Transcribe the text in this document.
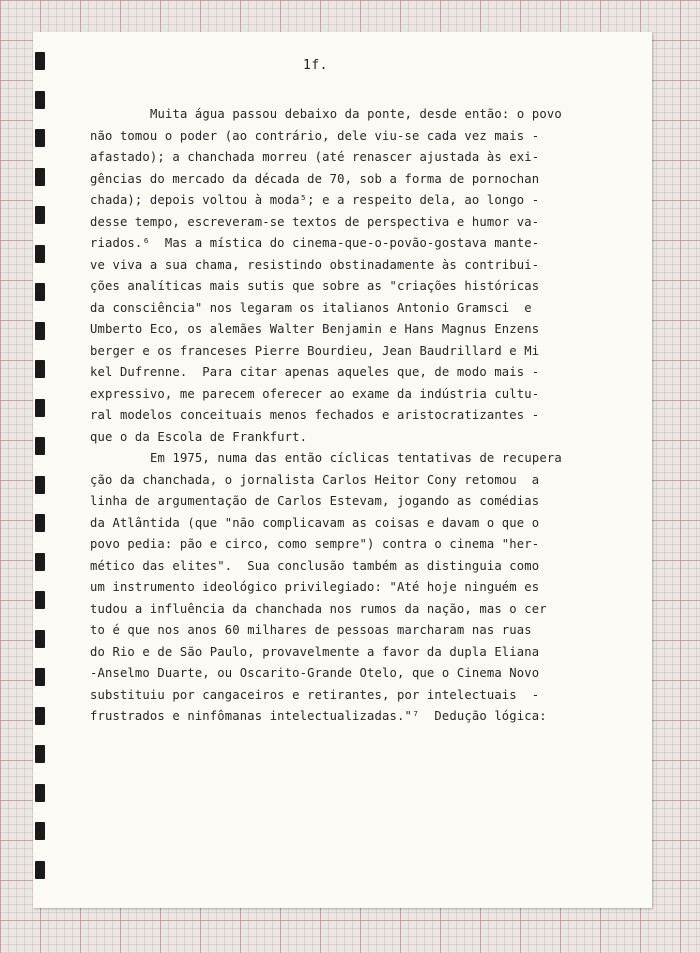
1f.

Muita água passou debaixo da ponte, desde então: o povo
não tomou o poder (ao contrário, dele viu-se cada vez mais -
afastado); a chanchada morreu (até renascer ajustada às exi-
gências do mercado da década de 70, sob a forma de pornochan
chada); depois voltou à moda⁵; e a respeito dela, ao longo -
desse tempo, escreveram-se textos de perspectiva e humor va-
riados.⁶  Mas a mística do cinema-que-o-povão-gostava mante-
ve viva a sua chama, resistindo obstinadamente às contribui-
ções analíticas mais sutis que sobre as "criações históricas
da consciência" nos legaram os italianos Antonio Gramsci  e
Umberto Eco, os alemães Walter Benjamin e Hans Magnus Enzens
berger e os franceses Pierre Bourdieu, Jean Baudrillard e Mi
kel Dufrenne.  Para citar apenas aqueles que, de modo mais -
expressivo, me parecem oferecer ao exame da indústria cultu-
ral modelos conceituais menos fechados e aristocratizantes -
que o da Escola de Frankfurt.

Em 1975, numa das então cíclicas tentativas de recupera
ção da chanchada, o jornalista Carlos Heitor Cony retomou  a
linha de argumentação de Carlos Estevam, jogando as comédias
da Atlântida (que "não complicavam as coisas e davam o que o
povo pedia: pão e circo, como sempre") contra o cinema "her-
mético das elites".  Sua conclusão também as distinguia como
um instrumento ideológico privilegiado: "Até hoje ninguém es
tudou a influência da chanchada nos rumos da nação, mas o cer
to é que nos anos 60 milhares de pessoas marcharam nas ruas
do Rio e de São Paulo, provavelmente a favor da dupla Eliana
-Anselmo Duarte, ou Oscarito-Grande Otelo, que o Cinema Novo
substituiu por cangaceiros e retirantes, por intelectuais  -
frustrados e ninfômanas intelectualizadas."⁷  Dedução lógica:
